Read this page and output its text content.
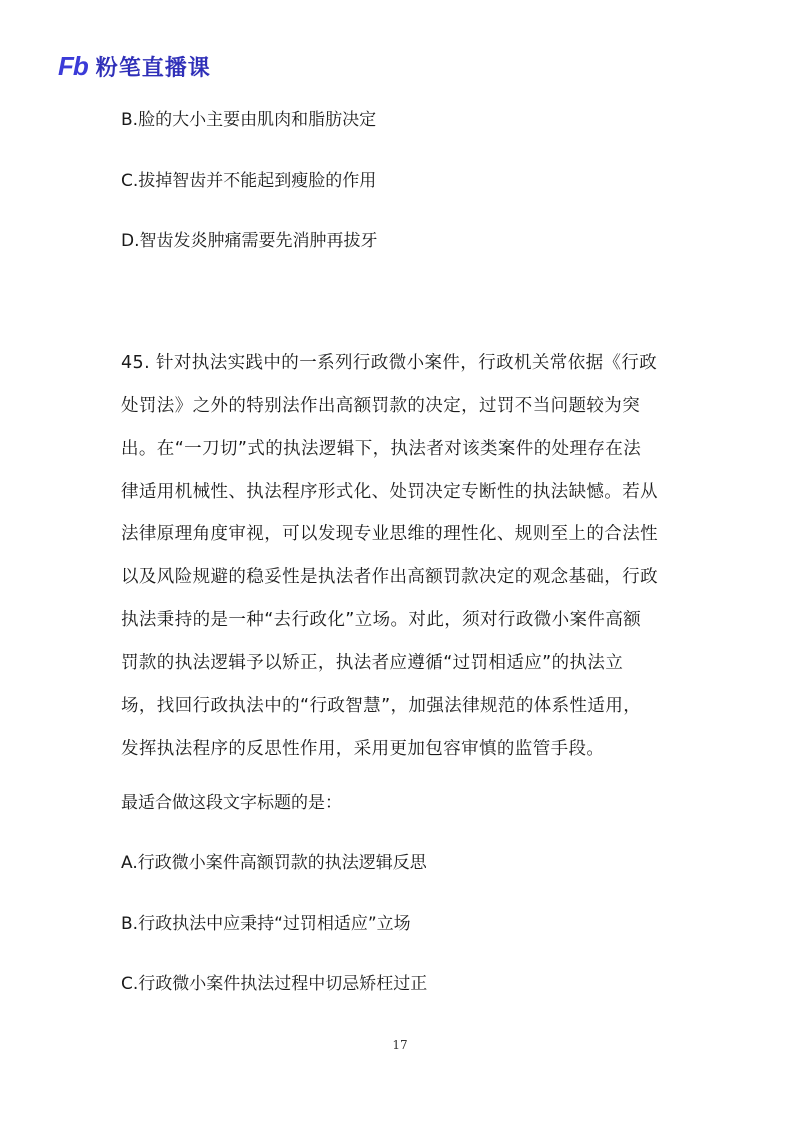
Fb 粉笔直播课
B.脸的大小主要由肌肉和脂肪决定
C.拔掉智齿并不能起到瘦脸的作用
D.智齿发炎肿痛需要先消肿再拔牙
45. 针对执法实践中的一系列行政微小案件，行政机关常依据《行政
处罚法》之外的特别法作出高额罚款的决定，过罚不当问题较为突
出。在“一刀切”式的执法逻辑下，执法者对该类案件的处理存在法
律适用机械性、执法程序形式化、处罚决定专断性的执法缺憾。若从
法律原理角度审视，可以发现专业思维的理性化、规则至上的合法性
以及风险规避的稳妥性是执法者作出高额罚款决定的观念基础，行政
执法秉持的是一种“去行政化”立场。对此，须对行政微小案件高额
罚款的执法逻辑予以矫正，执法者应遵循“过罚相适应”的执法立
场，找回行政执法中的“行政智慧”，加强法律规范的体系性适用，
发挥执法程序的反思性作用，采用更加包容审慎的监管手段。
最适合做这段文字标题的是：
A.行政微小案件高额罚款的执法逻辑反思
B.行政执法中应秉持“过罚相适应”立场
C.行政微小案件执法过程中切忌矫枉过正
17
